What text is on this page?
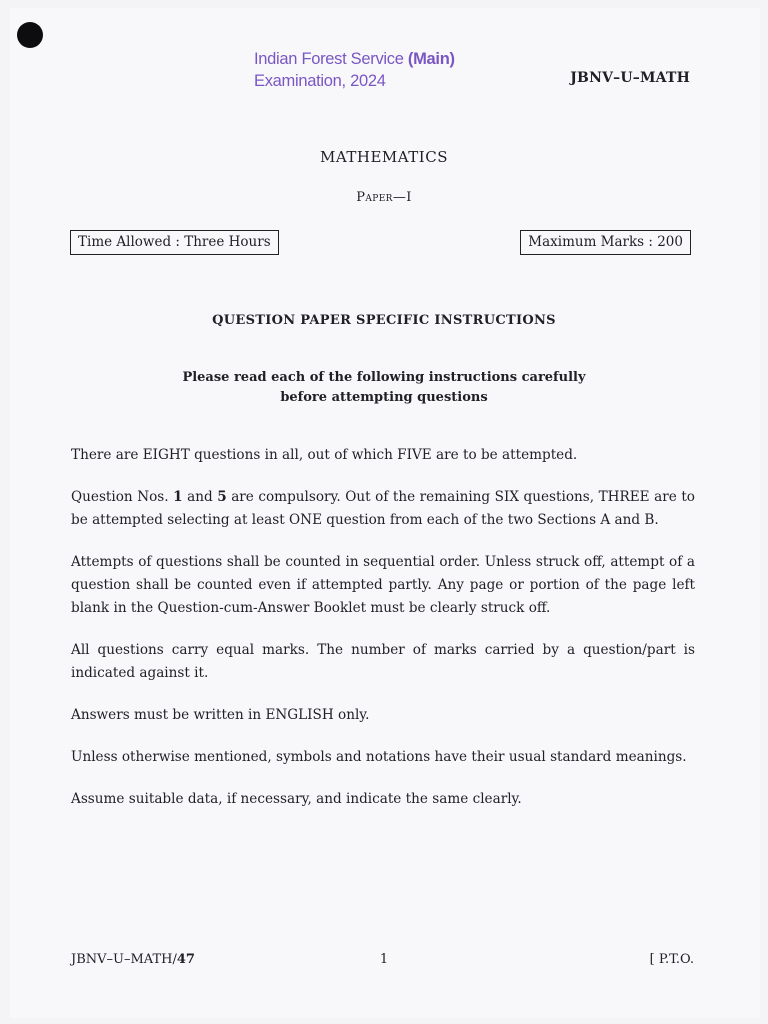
Indian Forest Service (Main)
Examination, 2024	JBNV–U–MATH
MATHEMATICS
Paper—I
Time Allowed : Three Hours	Maximum Marks : 200
QUESTION PAPER SPECIFIC INSTRUCTIONS
Please read each of the following instructions carefully
before attempting questions

There are EIGHT questions in all, out of which FIVE are to be attempted.

Question Nos. 1 and 5 are compulsory. Out of the remaining SIX questions, THREE are to be attempted selecting at least ONE question from each of the two Sections A and B.

Attempts of questions shall be counted in sequential order. Unless struck off, attempt of a question shall be counted even if attempted partly. Any page or portion of the page left blank in the Question-cum-Answer Booklet must be clearly struck off.

All questions carry equal marks. The number of marks carried by a question/part is indicated against it.

Answers must be written in ENGLISH only.

Unless otherwise mentioned, symbols and notations have their usual standard meanings.

Assume suitable data, if necessary, and indicate the same clearly.

JBNV–U–MATH/47	1	[ P.T.O.
